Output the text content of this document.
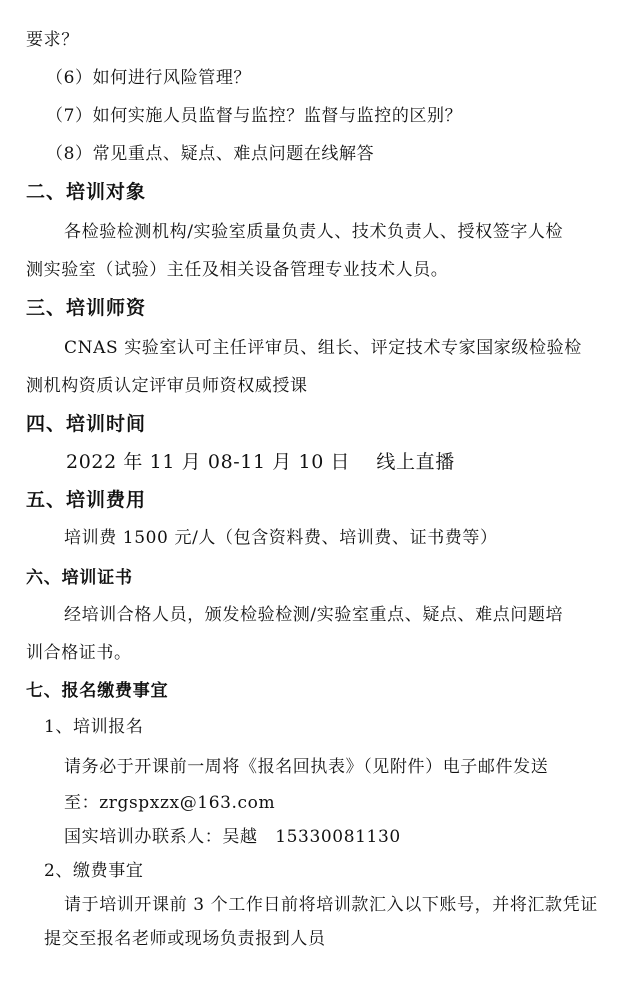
要求？
（6）如何进行风险管理？
（7）如何实施人员监督与监控？监督与监控的区别？
（8）常见重点、疑点、难点问题在线解答
二、培训对象
各检验检测机构/实验室质量负责人、技术负责人、授权签字人检
测实验室（试验）主任及相关设备管理专业技术人员。
三、培训师资
CNAS 实验室认可主任评审员、组长、评定技术专家国家级检验检
测机构资质认定评审员师资权威授课
四、培训时间
2022 年 11 月 08-11 月 10 日　 线上直播
五、培训费用
培训费 1500 元/人（包含资料费、培训费、证书费等）
六、培训证书
经培训合格人员，颁发检验检测/实验室重点、疑点、难点问题培
训合格证书。
七、报名缴费事宜
1、培训报名
请务必于开课前一周将《报名回执表》（见附件）电子邮件发送
至：zrgspxzx@163.com
国实培训办联系人：吴越　15330081130
2、缴费事宜
请于培训开课前 3 个工作日前将培训款汇入以下账号，并将汇款凭证
提交至报名老师或现场负责报到人员
